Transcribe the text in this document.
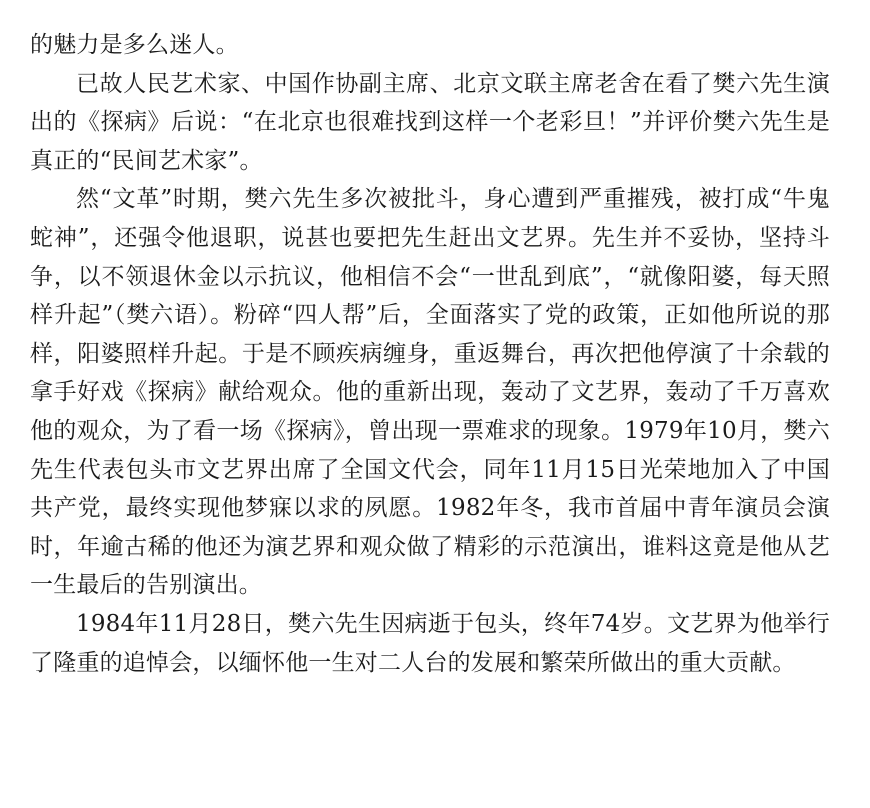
的魅力是多么迷人。

已故人民艺术家、中国作协副主席、北京文联主席老舍在看了樊六先生演出的《探病》后说：“在北京也很难找到这样一个老彩旦！”并评价樊六先生是真正的“民间艺术家”。

然“文革”时期，樊六先生多次被批斗，身心遭到严重摧残，被打成“牛鬼蛇神”，还强令他退职，说甚也要把先生赶出文艺界。先生并不妥协，坚持斗争，以不领退休金以示抗议，他相信不会“一世乱到底”，“就像阳婆，每天照样升起”（樊六语）。粉碎“四人帮”后，全面落实了党的政策，正如他所说的那样，阳婆照样升起。于是不顾疾病缠身，重返舞台，再次把他停演了十余载的拿手好戏《探病》献给观众。他的重新出现，轰动了文艺界，轰动了千万喜欢他的观众，为了看一场《探病》，曾出现一票难求的现象。1979年10月，樊六先生代表包头市文艺界出席了全国文代会，同年11月15日光荣地加入了中国共产党，最终实现他梦寐以求的夙愿。1982年冬，我市首届中青年演员会演时，年逾古稀的他还为演艺界和观众做了精彩的示范演出，谁料这竟是他从艺一生最后的告别演出。

1984年11月28日，樊六先生因病逝于包头，终年74岁。文艺界为他举行了隆重的追悼会，以缅怀他一生对二人台的发展和繁荣所做出的重大贡献。
